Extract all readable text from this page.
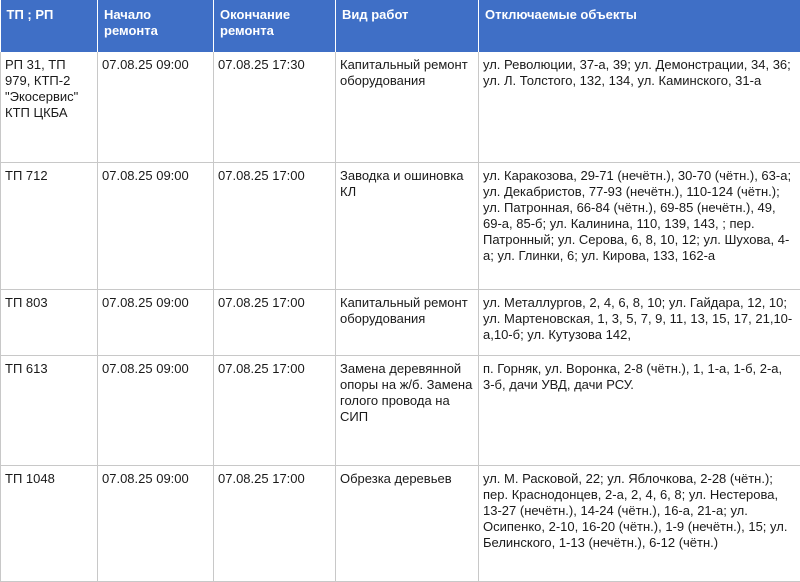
ТП ; РП	Начало ремонта	Окончание ремонта	Вид работ	Отключаемые объекты
РП 31, ТП 979, КТП-2 "Экосервис" КТП ЦКБА	07.08.25 09:00	07.08.25 17:30	Капитальный ремонт оборудования	ул. Революции, 37-а, 39; ул. Демонстрации, 34, 36; ул. Л. Толстого, 132, 134, ул. Каминского, 31-а
ТП 712	07.08.25 09:00	07.08.25 17:00	Заводка и ошиновка КЛ	ул. Каракозова, 29-71 (нечётн.), 30-70 (чётн.), 63-а; ул. Декабристов, 77-93 (нечётн.), 110-124 (чётн.); ул. Патронная, 66-84 (чётн.), 69-85 (нечётн.), 49, 69-а, 85-б; ул. Калинина, 110, 139, 143, ; пер. Патронный; ул. Серова, 6, 8, 10, 12; ул. Шухова, 4-а; ул. Глинки, 6; ул. Кирова, 133, 162-а
ТП 803	07.08.25 09:00	07.08.25 17:00	Капитальный ремонт оборудования	ул. Металлургов, 2, 4, 6, 8, 10; ул. Гайдара, 12, 10; ул. Мартеновская, 1, 3, 5, 7, 9, 11, 13, 15, 17, 21,10-а,10-б; ул. Кутузова 142,
ТП 613	07.08.25 09:00	07.08.25 17:00	Замена деревянной опоры на ж/б. Замена голого провода на СИП	п. Горняк, ул. Воронка, 2-8 (чётн.), 1, 1-а, 1-б, 2-а, 3-б, дачи УВД, дачи РСУ.
ТП 1048	07.08.25 09:00	07.08.25 17:00	Обрезка деревьев	ул. М. Расковой, 22; ул. Яблочкова, 2-28 (чётн.); пер. Краснодонцев, 2-а, 2, 4, 6, 8; ул. Нестерова, 13-27 (нечётн.), 14-24 (чётн.), 16-а, 21-а; ул. Осипенко, 2-10, 16-20 (чётн.), 1-9 (нечётн.), 15; ул. Белинского, 1-13 (нечётн.), 6-12 (чётн.)
